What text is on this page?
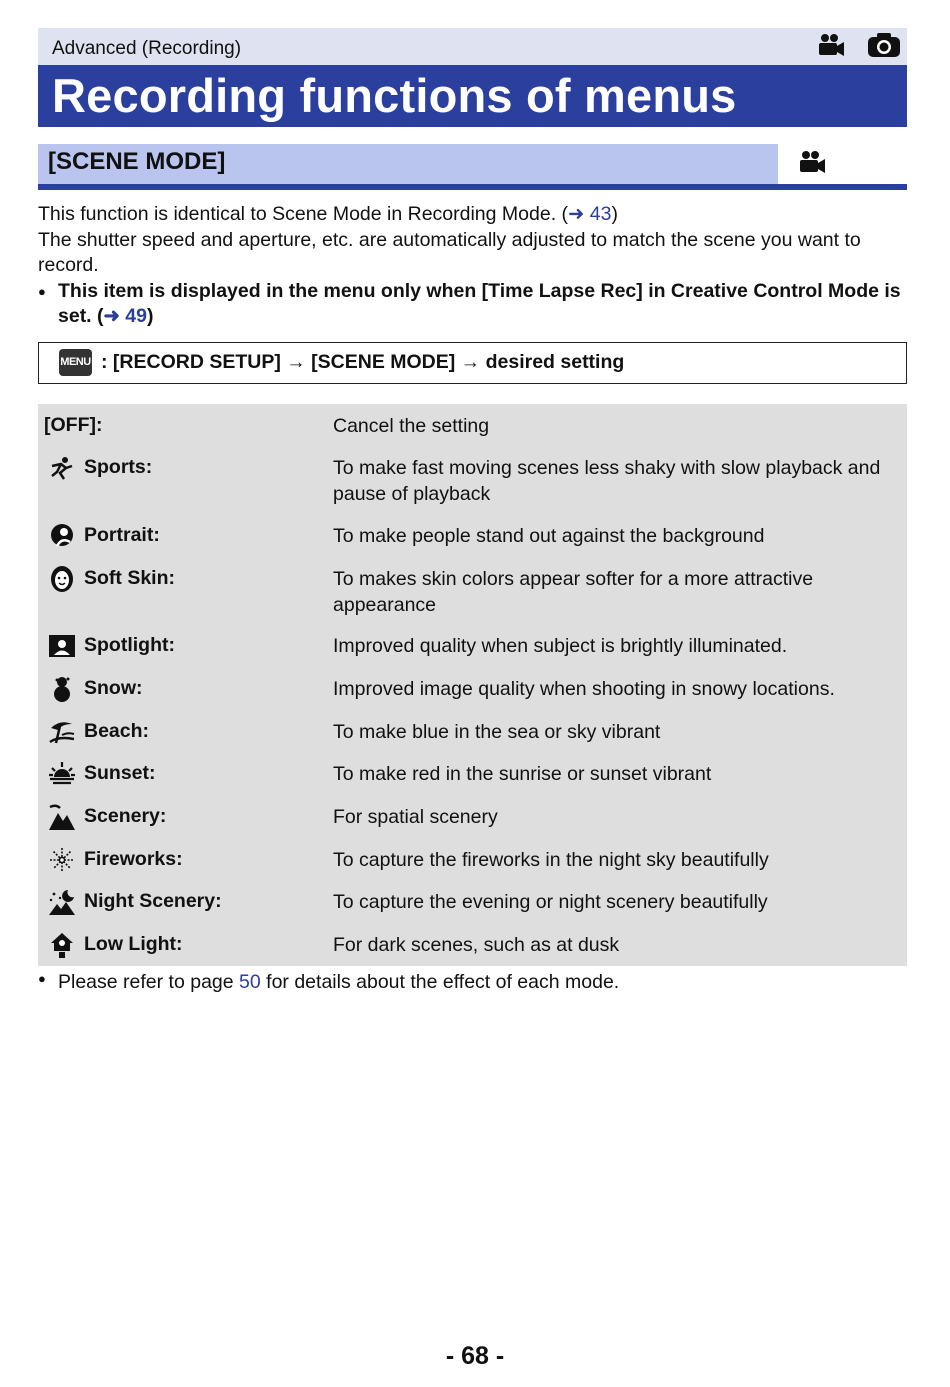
Advanced (Recording)
Recording functions of menus
[SCENE MODE]

This function is identical to Scene Mode in Recording Mode. (➜ 43)

The shutter speed and aperture, etc. are automatically adjusted to match the scene you want to record.

● This item is displayed in the menu only when [Time Lapse Rec] in Creative Control Mode is set. (➜ 49)

MENU : [RECORD SETUP] → [SCENE MODE] → desired setting
[OFF]:	Cancel the setting
Sports:	To make fast moving scenes less shaky with slow playback and pause of playback
Portrait:	To make people stand out against the background
Soft Skin:	To makes skin colors appear softer for a more attractive appearance
Spotlight:	Improved quality when subject is brightly illuminated.
Snow:	Improved image quality when shooting in snowy locations.
Beach:	To make blue in the sea or sky vibrant
Sunset:	To make red in the sunrise or sunset vibrant
Scenery:	For spatial scenery
Fireworks:	To capture the fireworks in the night sky beautifully
Night Scenery:	To capture the evening or night scenery beautifully
Low Light:	For dark scenes, such as at dusk
● Please refer to page 50 for details about the effect of each mode.
- 68 -
